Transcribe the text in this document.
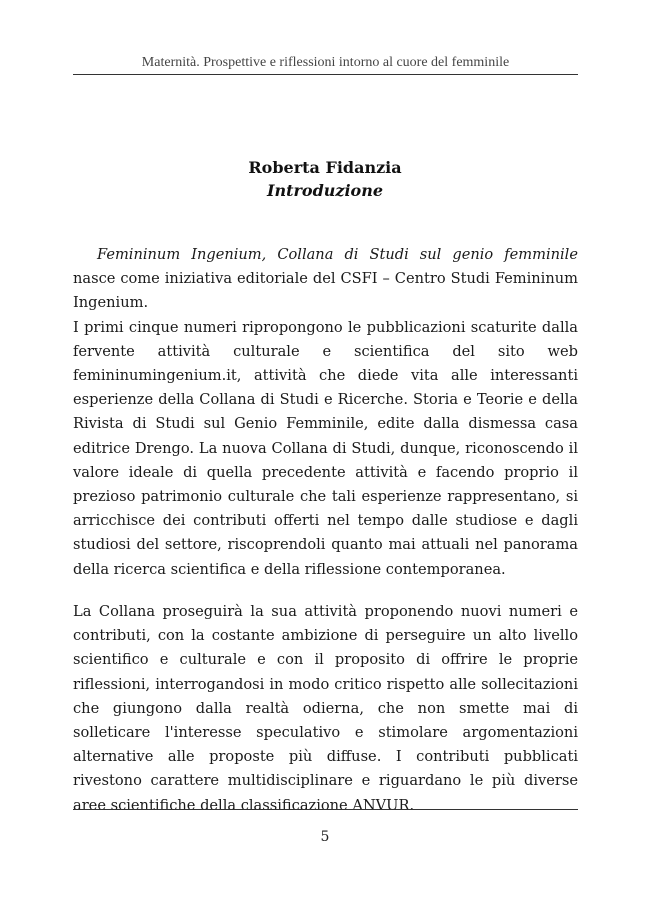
Maternità. Prospettive e riflessioni intorno al cuore del femminile
Roberta Fidanzia
Introduzione
Femininum Ingenium, Collana di Studi sul genio femminile

nasce come iniziativa editoriale del CSFI – Centro Studi Femininum Ingenium.

I primi cinque numeri ripropongono le pubblicazioni scaturite dalla fervente attività culturale e scientifica del sito web femininumingenium.it, attività che diede vita alle interessanti esperienze della Collana di Studi e Ricerche. Storia e Teorie e della Rivista di Studi sul Genio Femminile, edite dalla dismessa casa editrice Drengo. La nuova Collana di Studi, dunque, riconoscendo il valore ideale di quella precedente attività e facendo proprio il prezioso patrimonio culturale che tali esperienze rappresentano, si arricchisce dei contributi offerti nel tempo dalle studiose e dagli studiosi del settore, riscoprendoli quanto mai attuali nel panorama della ricerca scientifica e della riflessione contemporanea.

La Collana proseguirà la sua attività proponendo nuovi numeri e contributi, con la costante ambizione di perseguire un alto livello scientifico e culturale e con il proposito di offrire le proprie riflessioni, interrogandosi in modo critico rispetto alle sollecitazioni che giungono dalla realtà odierna, che non smette mai di solleticare l'interesse speculativo e stimolare argomentazioni alternative alle proposte più diffuse. I contributi pubblicati rivestono carattere multidisciplinare e riguardano le più diverse aree scientifiche della classificazione ANVUR.

5
